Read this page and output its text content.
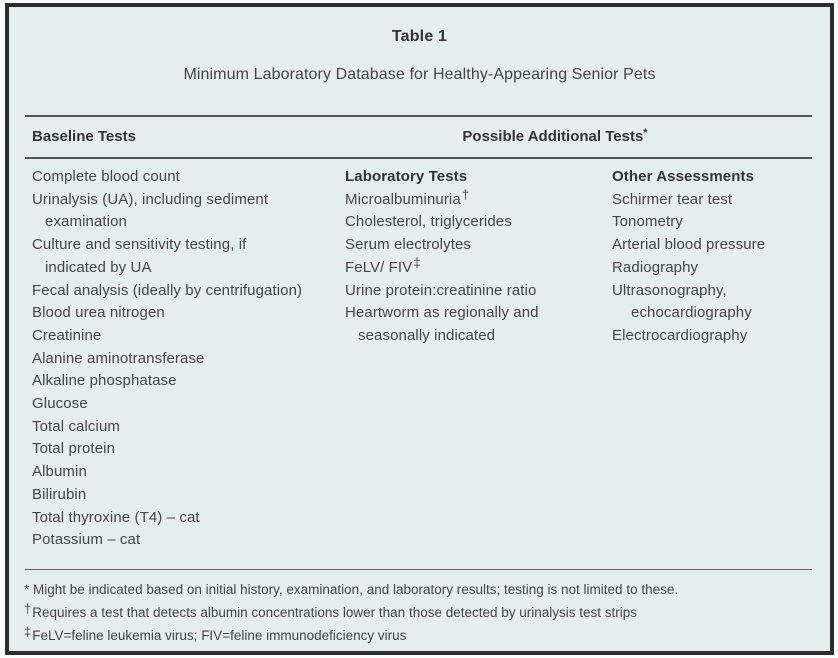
Table 1
Minimum Laboratory Database for Healthy-Appearing Senior Pets
Baseline Tests	Possible Additional Tests*
Complete blood count
Urinalysis (UA), including sediment
examination
Culture and sensitivity testing, if
indicated by UA
Fecal analysis (ideally by centrifugation)
Blood urea nitrogen
Creatinine
Alanine aminotransferase
Alkaline phosphatase
Glucose
Total calcium
Total protein
Albumin
Bilirubin
Total thyroxine (T4) – cat
Potassium – cat
Laboratory Tests
Microalbuminuria†
Cholesterol, triglycerides
Serum electrolytes
FeLV/ FIV‡
Urine protein:creatinine ratio
Heartworm as regionally and
seasonally indicated
Other Assessments
Schirmer tear test
Tonometry
Arterial blood pressure
Radiography
Ultrasonography,
echocardiography
Electrocardiography
* Might be indicated based on initial history, examination, and laboratory results; testing is not limited to these.
†Requires a test that detects albumin concentrations lower than those detected by urinalysis test strips
‡FeLV=feline leukemia virus; FIV=feline immunodeficiency virus
